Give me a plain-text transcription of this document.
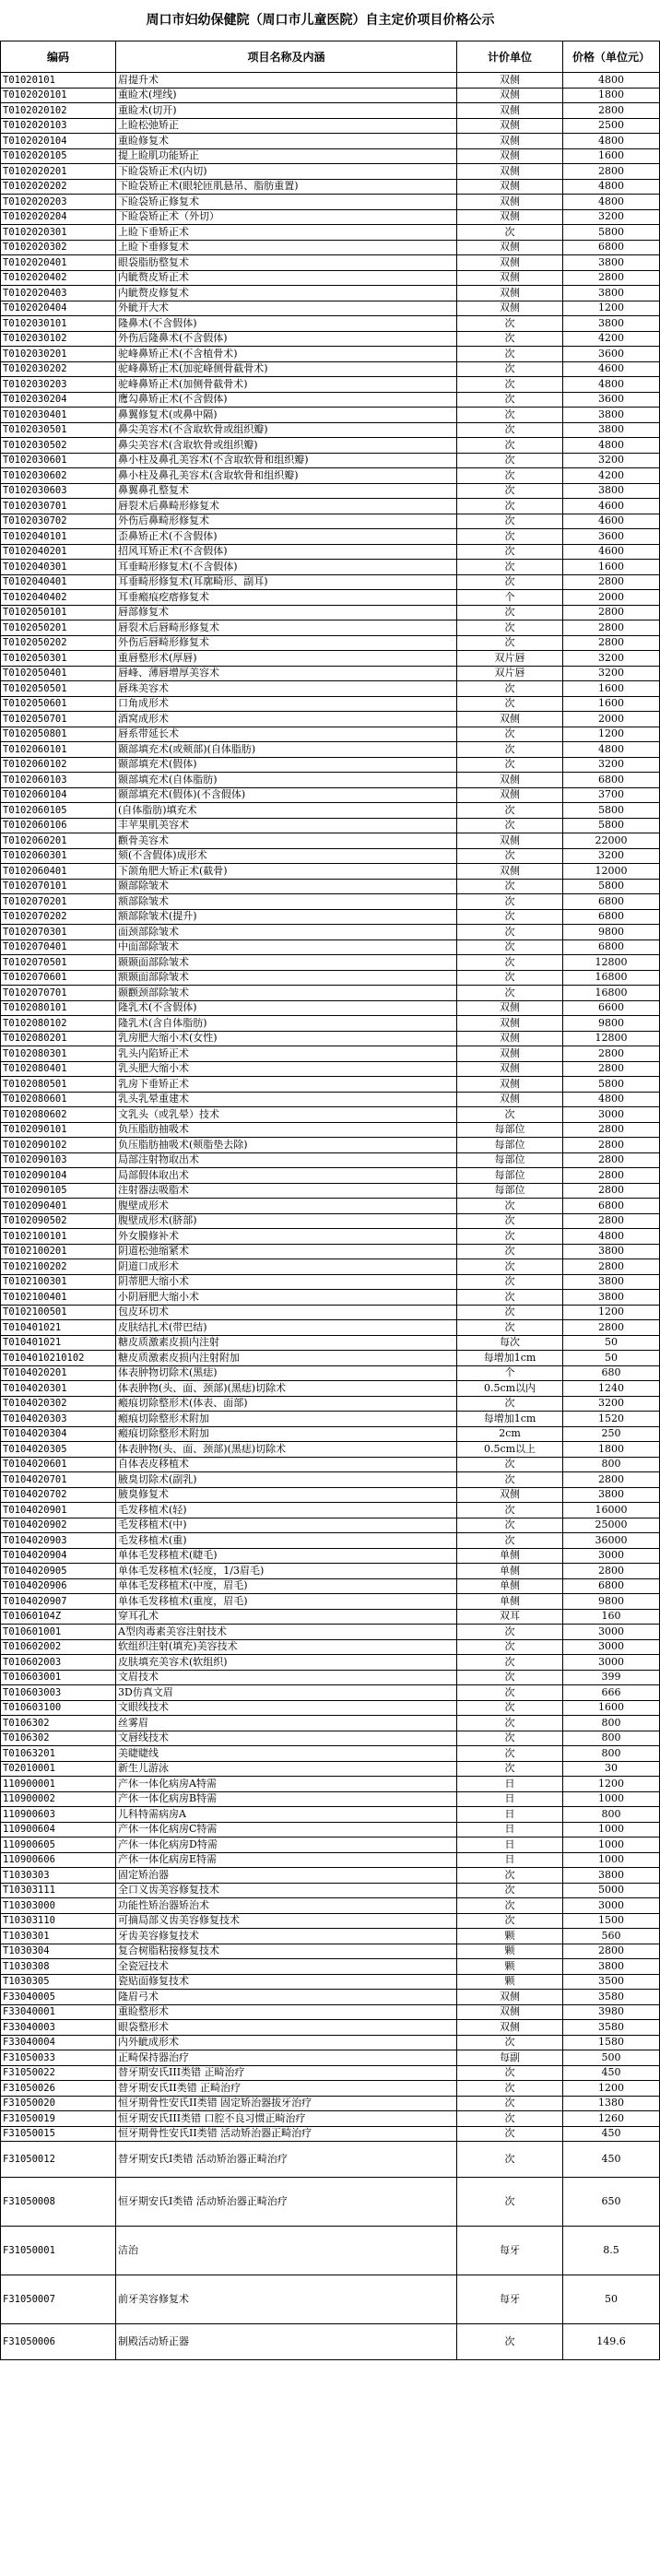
周口市妇幼保健院（周口市儿童医院）自主定价项目价格公示
编码	项目名称及内涵	计价单位	价格（单位元）
T01020101	眉提升术	双侧	4800
T0102020101	重睑术(埋线)	双侧	1800
T0102020102	重睑术(切开)	双侧	2800
T0102020103	上睑松弛矫正	双侧	2500
T0102020104	重睑修复术	双侧	4800
T0102020105	提上睑肌功能矫正	双侧	1600
T0102020201	下睑袋矫正术(内切)	双侧	2800
T0102020202	下睑袋矫正术(眼轮匝肌悬吊、脂肪重置)	双侧	4800
T0102020203	下睑袋矫正修复术	双侧	4800
T0102020204	下睑袋矫正术（外切）	双侧	3200
T0102020301	上睑下垂矫正术	次	5800
T0102020302	上睑下垂修复术	双侧	6800
T0102020401	眼袋脂肪整复术	双侧	3800
T0102020402	内眦赘皮矫正术	双侧	2800
T0102020403	内眦赘皮修复术	双侧	3800
T0102020404	外眦开大术	双侧	1200
T0102030101	隆鼻术(不含假体)	次	3800
T0102030102	外伤后隆鼻术(不含假体)	次	4200
T0102030201	驼峰鼻矫正术(不含植骨术)	次	3600
T0102030202	驼峰鼻矫正术(加驼峰侧骨截骨术)	次	4600
T0102030203	驼峰鼻矫正术(加侧骨截骨术)	次	4800
T0102030204	鹰勾鼻矫正术(不含假体)	次	3600
T0102030401	鼻翼修复术(或鼻中隔)	次	3800
T0102030501	鼻尖美容术(不含取软骨或组织瓣)	次	3800
T0102030502	鼻尖美容术(含取软骨或组织瓣)	次	4800
T0102030601	鼻小柱及鼻孔美容术(不含取软骨和组织瓣)	次	3200
T0102030602	鼻小柱及鼻孔美容术(含取软骨和组织瓣)	次	4200
T0102030603	鼻翼鼻孔整复术	次	3800
T0102030701	唇裂术后鼻畸形修复术	次	4600
T0102030702	外伤后鼻畸形修复术	次	4600
T0102040101	歪鼻矫正术(不含假体)	次	3600
T0102040201	招风耳矫正术(不含假体)	次	4600
T0102040301	耳垂畸形修复术(不含假体)	次	1600
T0102040401	耳垂畸形修复术(耳廓畸形、副耳)	次	2800
T0102040402	耳垂瘢痕疙瘩修复术	个	2000
T0102050101	唇部修复术	次	2800
T0102050201	唇裂术后唇畸形修复术	次	2800
T0102050202	外伤后唇畸形修复术	次	2800
T0102050301	重唇整形术(厚唇)	双片唇	3200
T0102050401	唇峰、薄唇增厚美容术	双片唇	3200
T0102050501	唇珠美容术	次	1600
T0102050601	口角成形术	次	1600
T0102050701	酒窝成形术	双侧	2000
T0102050801	唇系带延长术	次	1200
T0102060101	颞部填充术(或颊部)(自体脂肪)	次	4800
T0102060102	颞部填充术(假体)	次	3200
T0102060103	颞部填充术(自体脂肪)	双侧	6800
T0102060104	颞部填充术(假体)(不含假体)	双侧	3700
T0102060105	(自体脂肪)填充术	次	5800
T0102060106	丰苹果肌美容术	次	5800
T0102060201	颧骨美容术	双侧	22000
T0102060301	颏(不含假体)成形术	次	3200
T0102060401	下颌角肥大矫正术(截骨)	双侧	12000
T0102070101	颞部除皱术	次	5800
T0102070201	额部除皱术	次	6800
T0102070202	额部除皱术(提升)	次	6800
T0102070301	面颈部除皱术	次	9800
T0102070401	中面部除皱术	次	6800
T0102070501	颞颞面部除皱术	次	12800
T0102070601	额颞面部除皱术	次	16800
T0102070701	颞颧颈部除皱术	次	16800
T0102080101	隆乳术(不含假体)	双侧	6600
T0102080102	隆乳术(含自体脂肪)	双侧	9800
T0102080201	乳房肥大缩小术(女性)	双侧	12800
T0102080301	乳头内陷矫正术	双侧	2800
T0102080401	乳头肥大缩小术	双侧	2800
T0102080501	乳房下垂矫正术	双侧	5800
T0102080601	乳头乳晕重建术	双侧	4800
T0102080602	文乳头（或乳晕）技术	次	3000
T0102090101	负压脂肪抽吸术	每部位	2800
T0102090102	负压脂肪抽吸术(颊脂垫去除)	每部位	2800
T0102090103	局部注射物取出术	每部位	2800
T0102090104	局部假体取出术	每部位	2800
T0102090105	注射器法吸脂术	每部位	2800
T0102090401	腹壁成形术	次	6800
T0102090502	腹壁成形术(脐部)	次	2800
T0102100101	外女膜修补术	次	4800
T0102100201	阴道松弛缩紧术	次	3800
T0102100202	阴道口成形术	次	2800
T0102100301	阴蒂肥大缩小术	次	3800
T0102100401	小阴唇肥大缩小术	次	3800
T0102100501	包皮环切术	次	1200
T010401021	皮肤结扎术(带巴结)	次	2800
T010401021	糖皮质激素皮损内注射	每次	50
T0104010210102	糖皮质激素皮损内注射附加	每增加1cm	50
T0104020201	体表肿物切除术(黑痣)	个	680
T0104020301	体表肿物(头、面、颈部)(黑痣)切除术	0.5cm以内	1240
T0104020302	瘢痕切除整形术(体表、面部)	次	3200
T0104020303	瘢痕切除整形术附加	每增加1cm	1520
T0104020304	瘢痕切除整形术附加	2cm	250
T0104020305	体表肿物(头、面、颈部)(黑痣)切除术	0.5cm以上	1800
T0104020601	自体表皮移植术	次	800
T0104020701	腋臭切除术(副乳)	次	2800
T0104020702	腋臭修复术	双侧	3800
T0104020901	毛发移植术(轻)	次	16000
T0104020902	毛发移植术(中)	次	25000
T0104020903	毛发移植术(重)	次	36000
T0104020904	单体毛发移植术(睫毛)	单侧	3000
T0104020905	单体毛发移植术(轻度，1/3眉毛)	单侧	2800
T0104020906	单体毛发移植术(中度，眉毛)	单侧	6800
T0104020907	单体毛发移植术(重度，眉毛)	单侧	9800
T01060104Z	穿耳孔术	双耳	160
T010601001	A型肉毒素美容注射技术	次	3000
T010602002	软组织注射(填充)美容技术	次	3000
T010602003	皮肤填充美容术(软组织)	次	3000
T010603001	文眉技术	次	399
T010603003	3D仿真文眉	次	666
T010603100	文眼线技术	次	1600
T0106302	丝雾眉	次	800
T0106302	文唇线技术	次	800
T01063201	美睫睫线	次	800
T02010001	新生儿游泳	次	30
110900001	产休一体化病房A特需	日	1200
110900002	产休一体化病房B特需	日	1000
110900603	儿科特需病房A	日	800
110900604	产休一体化病房C特需	日	1000
110900605	产休一体化病房D特需	日	1000
110900606	产休一体化病房E特需	日	1000
T1030303	固定矫治器	次	3800
T10303111	全口义齿美容修复技术	次	5000
T10303000	功能性矫治器矫治术	次	3000
T10303110	可摘局部义齿美容修复技术	次	1500
T1030301	牙齿美容修复技术	颗	560
T1030304	复合树脂粘接修复技术	颗	2800
T1030308	全瓷冠技术	颗	3800
T1030305	瓷贴面修复技术	颗	3500
F33040005	隆眉弓术	双侧	3580
F33040001	重睑整形术	双侧	3980
F33040003	眼袋整形术	双侧	3580
F33040004	内外眦成形术	次	1580
F31050033	正畸保持器治疗	每副	500
F31050022	替牙期安氏III类错 正畸治疗	次	450
F31050026	替牙期安氏II类错 正畸治疗	次	1200
F31050020	恒牙期骨性安氏II类错 固定矫治器拔牙治疗	次	1380
F31050019	恒牙期安氏III类错 口腔不良习惯正畸治疗	次	1260
F31050015	恒牙期骨性安氏II类错 活动矫治器正畸治疗	次	450
F31050012	替牙期安氏I类错 活动矫治器正畸治疗	次	450
F31050008	恒牙期安氏I类错 活动矫治器正畸治疗	次	650
F31050001	洁治	每牙	8.5
F31050007	前牙美容修复术	每牙	50
F31050006	制殿活动矫正器	次	149.6
